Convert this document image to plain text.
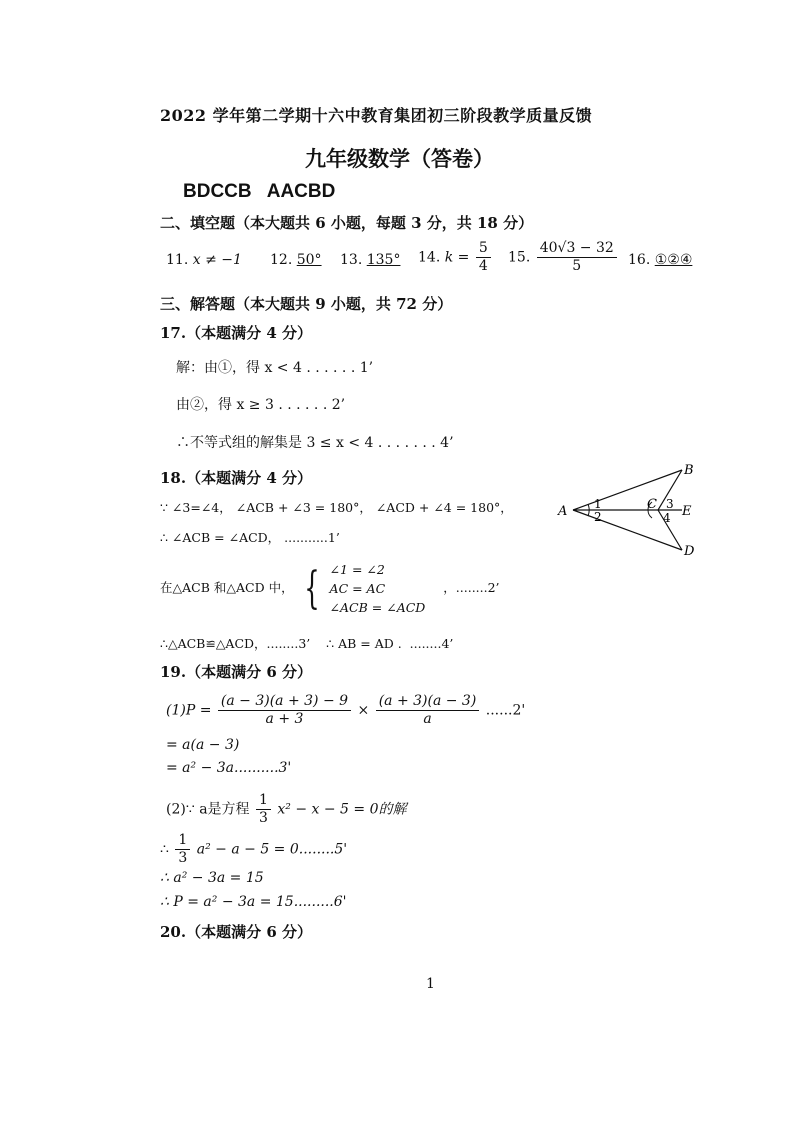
2022 学年第二学期十六中教育集团初三阶段教学质量反馈
九年级数学（答卷）
BDCCB   AACBD
二、填空题（本大题共 6 小题，每题 3 分，共 18 分）
11. x ≠ −1 12. 50° 13. 135° 14. $k = \frac{5}{4} 15$. $\frac{40√3 - 32}{5} 16$. ①②④
三、解答题（本大题共 9 小题，共 72 分）
17.（本题满分 4 分）
解：由①，得 x < 4 . . . . . . 1’
由②，得 x ≥ 3 . . . . . . 2’
∴不等式组的解集是 3 ≤ x < 4 . . . . . . . 4’
18.（本题满分 4 分）
∵ ∠3=∠4， ∠ACB + ∠3 = 180°， ∠ACD + ∠4 = 180°，
∴ ∠ACB = ∠ACD， ...........1’
在△ACB 和△ACD 中， { ∠1 = ∠2
AC = AC
∠ACB = ∠ACD ，........2’
∴△ACB≌△ACD，........3’    ∴ AB = AD .  ........4’
A
B
C
D
E
1
2
3
4
19.（本题满分 6 分）
$(1)P = \frac{(a - 3)(a + 3) - 9}{a + 3} \times \frac{(a + 3)(a - 3)}{a} ......2'$
= a(a − 3)
= a² − 3a..........3'
(2)∵ a是方程 $\frac{1}{3} x^2 - x - 5 = 0$的解
∴ $\frac{1}{3} a^2 - a - 5 = 0........5'$
∴ a² − 3a = 15
∴ P = a² − 3a = 15.........6'
20.（本题满分 6 分）
1
